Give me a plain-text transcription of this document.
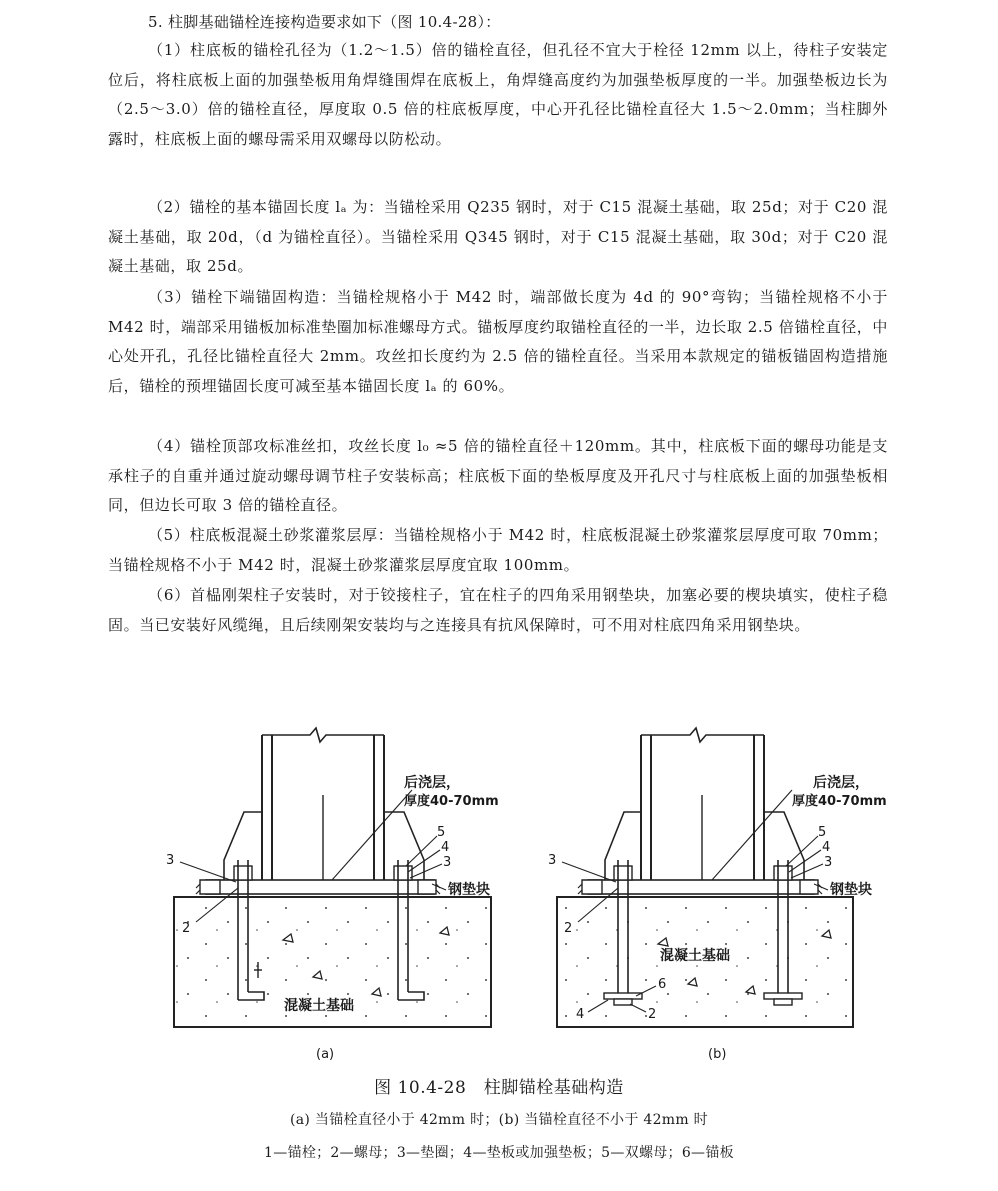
5. 柱脚基础锚栓连接构造要求如下（图 10.4-28）：
（1）柱底板的锚栓孔径为（1.2～1.5）倍的锚栓直径，但孔径不宜大于栓径 12mm 以上，待柱子安装定位后，将柱底板上面的加强垫板用角焊缝围焊在底板上，角焊缝高度约为加强垫板厚度的一半。加强垫板边长为（2.5～3.0）倍的锚栓直径，厚度取 0.5 倍的柱底板厚度，中心开孔径比锚栓直径大 1.5～2.0mm；当柱脚外露时，柱底板上面的螺母需采用双螺母以防松动。
（2）锚栓的基本锚固长度 lₐ 为：当锚栓采用 Q235 钢时，对于 C15 混凝土基础，取 25d；对于 C20 混凝土基础，取 20d，（d 为锚栓直径）。当锚栓采用 Q345 钢时，对于 C15 混凝土基础，取 30d；对于 C20 混凝土基础，取 25d。
（3）锚栓下端锚固构造：当锚栓规格小于 M42 时，端部做长度为 4d 的 90°弯钩；当锚栓规格不小于 M42 时，端部采用锚板加标准垫圈加标准螺母方式。锚板厚度约取锚栓直径的一半，边长取 2.5 倍锚栓直径，中心处开孔，孔径比锚栓直径大 2mm。攻丝扣长度约为 2.5 倍的锚栓直径。当采用本款规定的锚板锚固构造措施后，锚栓的预埋锚固长度可减至基本锚固长度 lₐ 的 60%。
（4）锚栓顶部攻标准丝扣，攻丝长度 l₀ ≈5 倍的锚栓直径＋120mm。其中，柱底板下面的螺母功能是支承柱子的自重并通过旋动螺母调节柱子安装标高；柱底板下面的垫板厚度及开孔尺寸与柱底板上面的加强垫板相同，但边长可取 3 倍的锚栓直径。
（5）柱底板混凝土砂浆灌浆层厚：当锚栓规格小于 M42 时，柱底板混凝土砂浆灌浆层厚度可取 70mm；当锚栓规格不小于 M42 时，混凝土砂浆灌浆层厚度宜取 100mm。
（6）首榀刚架柱子安装时，对于铰接柱子，宜在柱子的四角采用钢垫块，加塞必要的楔块填实，使柱子稳固。当已安装好风缆绳，且后续刚架安装均与之连接具有抗风保障时，可不用对柱底四角采用钢垫块。
后浇层，
厚度40-70mm
5
4
3
3
2
钢垫块
混凝土基础
(a)
后浇层，
厚度40-70mm
5
4
3
3
2
钢垫块
混凝土基础
6
4	2
(b)
图 10.4-28　柱脚锚栓基础构造
(a) 当锚栓直径小于 42mm 时；(b) 当锚栓直径不小于 42mm 时
1—锚栓；2—螺母；3—垫圈；4—垫板或加强垫板；5—双螺母；6—锚板
